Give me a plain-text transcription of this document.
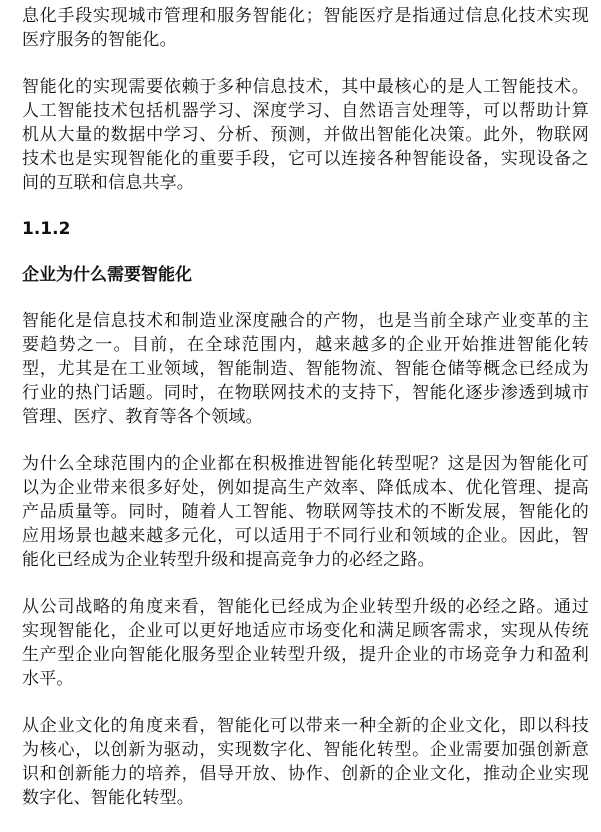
息化手段实现城市管理和服务智能化；智能医疗是指通过信息化技术实现医疗服务的智能化。

智能化的实现需要依赖于多种信息技术，其中最核心的是人工智能技术。人工智能技术包括机器学习、深度学习、自然语言处理等，可以帮助计算机从大量的数据中学习、分析、预测，并做出智能化决策。此外，物联网技术也是实现智能化的重要手段，它可以连接各种智能设备，实现设备之间的互联和信息共享。

1.1.2
企业为什么需要智能化

智能化是信息技术和制造业深度融合的产物，也是当前全球产业变革的主要趋势之一。目前，在全球范围内，越来越多的企业开始推进智能化转型，尤其是在工业领域，智能制造、智能物流、智能仓储等概念已经成为行业的热门话题。同时，在物联网技术的支持下，智能化逐步渗透到城市管理、医疗、教育等各个领域。

为什么全球范围内的企业都在积极推进智能化转型呢？这是因为智能化可以为企业带来很多好处，例如提高生产效率、降低成本、优化管理、提高产品质量等。同时，随着人工智能、物联网等技术的不断发展，智能化的应用场景也越来越多元化，可以适用于不同行业和领域的企业。因此，智能化已经成为企业转型升级和提高竞争力的必经之路。

从公司战略的角度来看，智能化已经成为企业转型升级的必经之路。通过实现智能化，企业可以更好地适应市场变化和满足顾客需求，实现从传统生产型企业向智能化服务型企业转型升级，提升企业的市场竞争力和盈利水平。

从企业文化的角度来看，智能化可以带来一种全新的企业文化，即以科技为核心，以创新为驱动，实现数字化、智能化转型。企业需要加强创新意识和创新能力的培养，倡导开放、协作、创新的企业文化，推动企业实现数字化、智能化转型。
